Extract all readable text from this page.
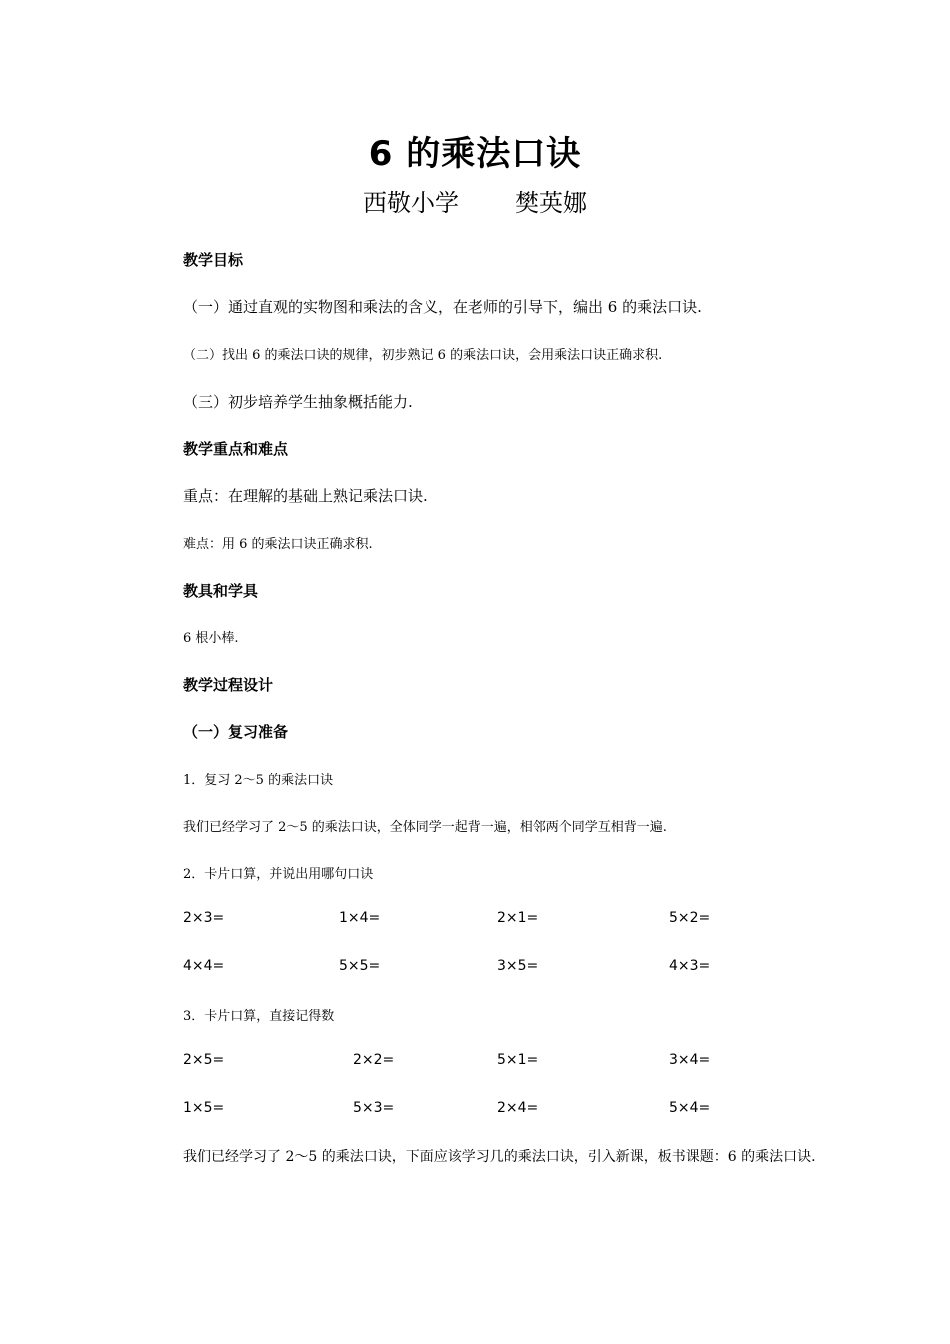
6 的乘法口诀
西敬小学 樊英娜
教学目标
（一）通过直观的实物图和乘法的含义，在老师的引导下，编出 6 的乘法口诀.
（二）找出 6 的乘法口诀的规律，初步熟记 6 的乘法口诀，会用乘法口诀正确求积.
（三）初步培养学生抽象概括能力.
教学重点和难点
重点：在理解的基础上熟记乘法口诀.
难点：用 6 的乘法口诀正确求积.
教具和学具
6 根小棒.
教学过程设计
（一）复习准备
1．复习 2～5 的乘法口诀
我们已经学习了 2～5 的乘法口诀，全体同学一起背一遍，相邻两个同学互相背一遍.
2．卡片口算，并说出用哪句口诀
2×3=	1×4=	2×1=	5×2=
4×4=	5×5=	3×5=	4×3=
3．卡片口算，直接记得数
2×5=	2×2=	5×1=	3×4=
1×5=	5×3=	2×4=	5×4=
我们已经学习了 2～5 的乘法口诀，下面应该学习几的乘法口诀，引入新课，板书课题：6 的乘法口诀.
